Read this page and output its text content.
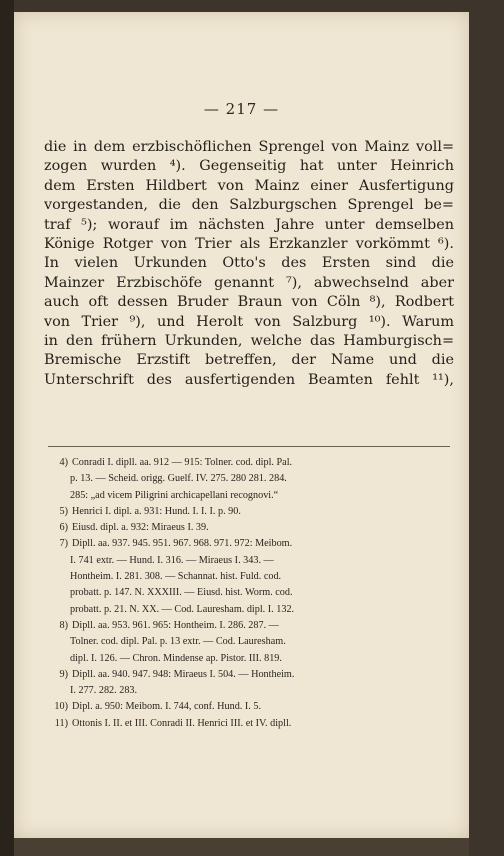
— 217 —
die in dem erzbischöflichen Sprengel von Mainz voll=
zogen wurden ⁴). Gegenseitig hat unter Heinrich
dem Ersten Hildbert von Mainz einer Ausfertigung
vorgestanden, die den Salzburgschen Sprengel be=
traf ⁵); worauf im nächsten Jahre unter demselben
Könige Rotger von Trier als Erzkanzler vorkömmt ⁶).
In vielen Urkunden Otto's des Ersten sind die
Mainzer Erzbischöfe genannt ⁷), abwechselnd aber
auch oft dessen Bruder Braun von Cöln ⁸), Rodbert
von Trier ⁹), und Herolt von Salzburg ¹⁰). Warum
in den frühern Urkunden, welche das Hamburgisch=
Bremische Erzstift betreffen, der Name und die
Unterschrift des ausfertigenden Beamten fehlt ¹¹),
4) Conradi I. dipll. aa. 912 — 915: Tolner. cod. dipl. Pal.
p. 13. — Scheid. origg. Guelf. IV. 275. 280 281. 284.
285: „ad vicem Piligrini archicapellani recognovi.“
5) Henrici I. dipl. a. 931: Hund. I. I. I. p. 90.
6) Eiusd. dipl. a. 932: Miraeus I. 39.
7) Dipll. aa. 937. 945. 951. 967. 968. 971. 972: Meibom.
I. 741 extr. — Hund. I. 316. — Miraeus I. 343. —
Hontheim. I. 281. 308. — Schannat. hist. Fuld. cod.
probatt. p. 147. N. XXXIII. — Eiusd. hist. Worm. cod.
probatt. p. 21. N. XX. — Cod. Lauresham. dipl. I. 132.
8) Dipll. aa. 953. 961. 965: Hontheim. I. 286. 287. —
Tolner. cod. dipl. Pal. p. 13 extr. — Cod. Lauresham.
dipl. I. 126. — Chron. Mindense ap. Pistor. III. 819.
9) Dipll. aa. 940. 947. 948: Miraeus I. 504. — Hontheim.
I. 277. 282. 283.
10) Dipl. a. 950: Meibom. I. 744, conf. Hund. I. 5.
11) Ottonis I. II. et III. Conradi II. Henrici III. et IV. dipll.
